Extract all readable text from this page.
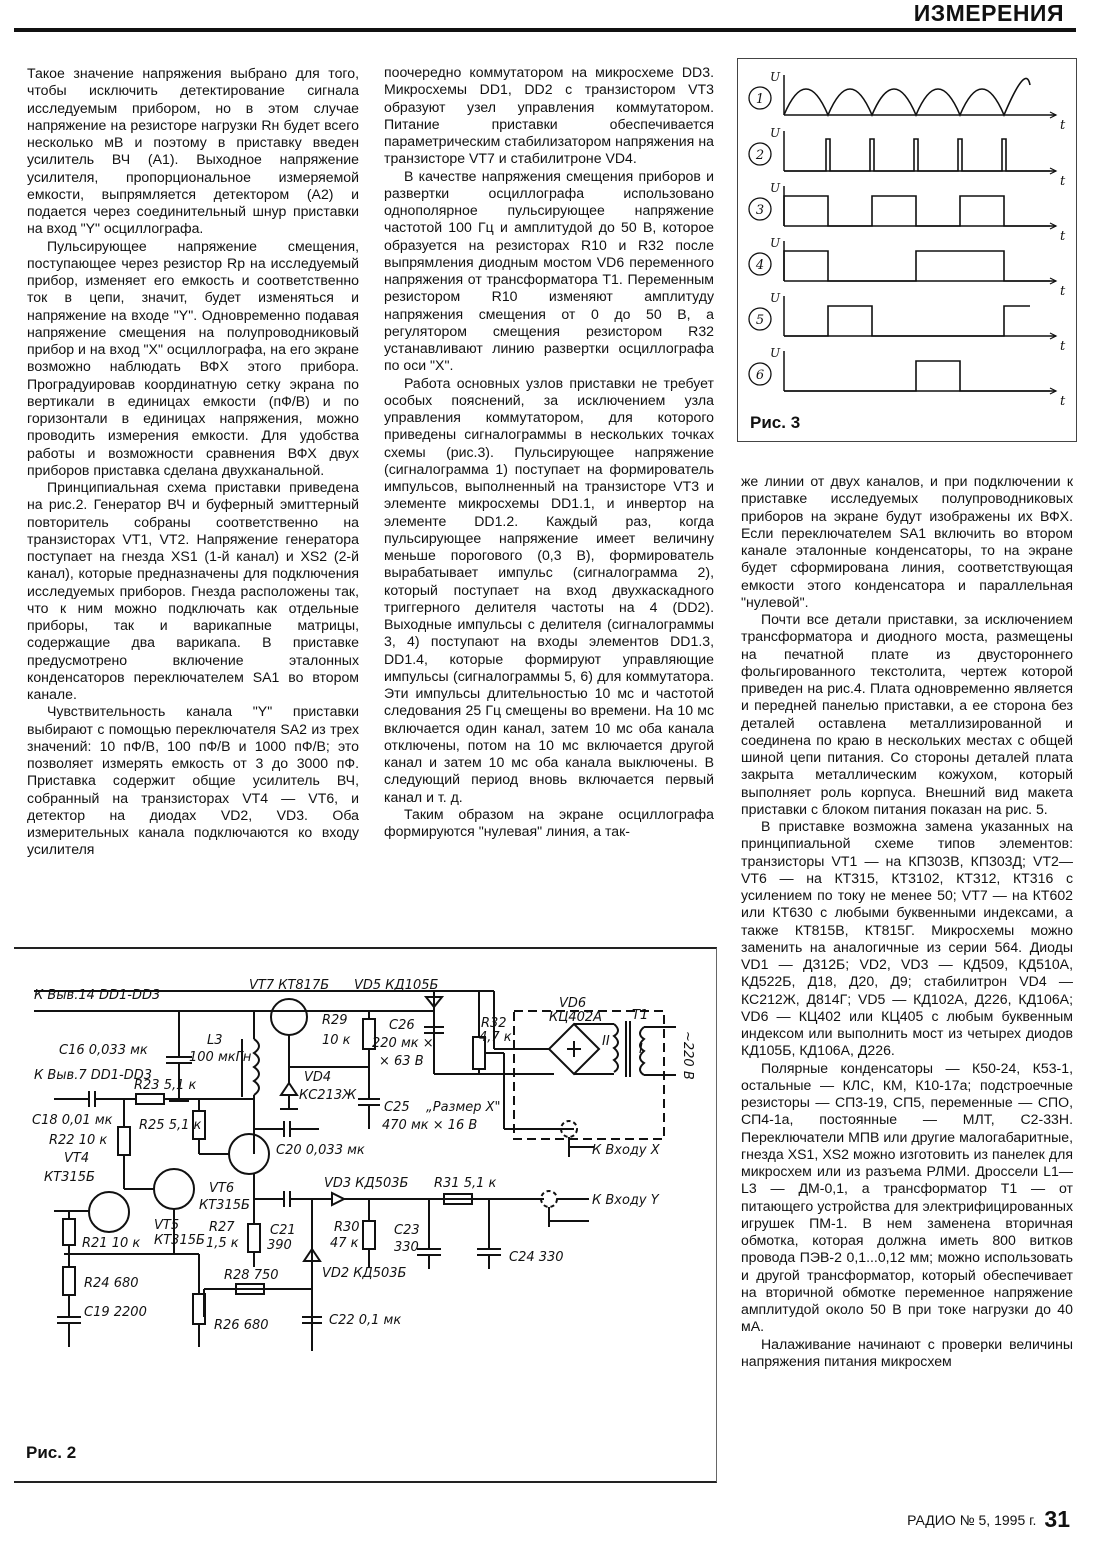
ИЗМЕРЕНИЯ

Такое значение напряжения выбрано для того, чтобы исключить детектирование сигнала исследуемым прибором, но в этом случае напряжение на резисторе нагрузки Rн будет всего несколько мВ и поэтому в приставку введен усилитель ВЧ (А1). Выходное напряжение усилителя, пропорциональное измеряемой емкости, выпрямляется детектором (А2) и подается через соединительный шнур приставки на вход "Y" осциллографа.

Пульсирующее напряжение смещения, поступающее через резистор Rр на исследуемый прибор, изменяет его емкость и соответственно ток в цепи, значит, будет изменяться и напряжение на входе "Y". Одновременно подавая напряжение смещения на полупроводниковый прибор и на вход "X" осциллографа, на его экране возможно наблюдать ВФХ этого прибора. Проградуировав координатную сетку экрана по вертикали в единицах емкости (пФ/В) и по горизонтали в единицах напряжения, можно проводить измерения емкости. Для удобства работы и возможности сравнения ВФХ двух приборов приставка сделана двухканальной.

Принципиальная схема приставки приведена на рис.2. Генератор ВЧ и буферный эмиттерный повторитель собраны соответственно на транзисторах VT1, VT2. Напряжение генератора поступает на гнезда XS1 (1-й канал) и XS2 (2-й канал), которые предназначены для подключения исследуемых приборов. Гнезда расположены так, что к ним можно подключать как отдельные приборы, так и варикапные матрицы, содержащие два варикапа. В приставке предусмотрено включение эталонных конденсаторов переключателем SA1 во втором канале.

Чувствительность канала "Y" приставки выбирают с помощью переключателя SA2 из трех значений: 10 пФ/В, 100 пФ/В и 1000 пФ/В; это позволяет измерять емкость от 3 до 3000 пФ. Приставка содержит общие усилитель ВЧ, собранный на транзисторах VT4 — VT6, и детектор на диодах VD2, VD3. Оба измерительных канала подключаются ко входу усилителя

поочередно коммутатором на микросхеме DD3. Микросхемы DD1, DD2 с транзистором VT3 образуют узел управления коммутатором. Питание приставки обеспечивается параметрическим стабилизатором напряжения на транзисторе VT7 и стабилитроне VD4.

В качестве напряжения смещения приборов и развертки осциллографа использовано однополярное пульсирующее напряжение частотой 100 Гц и амплитудой до 50 В, которое образуется на резисторах R10 и R32 после выпрямления диодным мостом VD6 переменного напряжения от трансформатора T1. Переменным резистором R10 изменяют амплитуду напряжения смещения от 0 до 50 В, а регулятором смещения резистором R32 устанавливают линию развертки осциллографа по оси "X".

Работа основных узлов приставки не требует особых пояснений, за исключением узла управления коммутатором, для которого приведены сигналограммы в нескольких точках схемы (рис.3). Пульсирующее напряжение (сигналограмма 1) поступает на формирователь импульсов, выполненный на транзисторе VT3 и элементе микросхемы DD1.1, и инвертор на элементе DD1.2. Каждый раз, когда пульсирующее напряжение имеет величину меньше порогового (0,3 В), формирователь вырабатывает импульс (сигналограмма 2), который поступает на вход двухкаскадного триггерного делителя частоты на 4 (DD2). Выходные импульсы с делителя (сигналограммы 3, 4) поступают на входы элементов DD1.3, DD1.4, которые формируют управляющие импульсы (сигналограммы 5, 6) для коммутатора. Эти импульсы длительностью 10 мс и частотой следования 25 Гц смещены во времени. На 10 мс включается один канал, затем 10 мс оба канала отключены, потом на 10 мс включается другой канал и затем 10 мс оба канала выключены. В следующий период вновь включается первый канал и т. д.

Таким образом на экране осциллографа формируются "нулевая" линия, а так-

же линии от двух каналов, и при подключении к приставке исследуемых полупроводниковых приборов на экране будут изображены их ВФХ. Если переключателем SA1 включить во втором канале эталонные конденсаторы, то на экране будет сформирована линия, соответствующая емкости этого конденсатора и параллельная "нулевой".

Почти все детали приставки, за исключением трансформатора и диодного моста, размещены на печатной плате из двустороннего фольгированного текстолита, чертеж которой приведен на рис.4. Плата одновременно является и передней панелью приставки, а ее сторона без деталей оставлена металлизированной и соединена по краю в нескольких местах с общей шиной цепи питания. Со стороны деталей плата закрыта металлическим кожухом, который выполняет роль корпуса. Внешний вид макета приставки с блоком питания показан на рис. 5.

В приставке возможна замена указанных на принципиальной схеме типов элементов: транзисторы VT1 — на КП303В, КП303Д; VT2—VT6 — на КТ315, КТ3102, КТ312, КТ316 с усилением по току не менее 50; VT7 — на КТ602 или КТ630 с любыми буквенными индексами, а также КТ815В, КТ815Г. Микросхемы можно заменить на аналогичные из серии 564. Диоды VD1 — Д312Б; VD2, VD3 — КД509, КД510А, КД522Б, Д18, Д20, Д9; стабилитрон VD4 — КС212Ж, Д814Г; VD5 — КД102А, Д226, КД106А; VD6 — КЦ402 или КЦ405 с любым буквенным индексом или выполнить мост из четырех диодов КД105Б, КД106А, Д226.

Полярные конденсаторы — К50-24, К53-1, остальные — КЛС, КМ, К10-17а; подстроечные резисторы — СП3-19, СП5, переменные — СПО, СП4-1а, постоянные — МЛТ, С2-33Н. Переключатели МПВ или другие малогабаритные, гнезда XS1, XS2 можно изготовить из панелек для микросхем или из разъема РЛМИ. Дроссели L1—L3 — ДМ-0,1, а трансформатор T1 — от питающего устройства для электрифицированных игрушек ПМ-1. В нем заменена вторичная обмотка, которая должна иметь 800 витков провода ПЭВ-2 0,1...0,12 мм; можно использовать и другой трансформатор, который обеспечивает на вторичной обмотке переменное напряжение амплитудой около 50 В при токе нагрузки до 40 мА.

Налаживание начинают с проверки величины напряжения питания микросхем

U
t
1
U
t
2
U
t
3
U
t
4
U
t
5
U
t
6
Рис. 3
К Выв.14 DD1-DD3
К Выв.7 DD1-DD3
C16 0,033 мк
L3
100 мкГн
VT7 КТ817Б VD5 КД105Б
R29
10 к
VD4
КС213Ж
C26
220 мк ×
× 63 В
R32
4,7 к
VD6
КЦ402А T1
II
I	~220 В
R23 5,1 к
C18 0,01 мк R25 5,1 к
C25 „Размер X"
470 мк × 16 В
К Входу X
C20 0,033 мк
R22 10 к
VT4
КТ315Б
VT5
КТ315Б
VT6
КТ315Б
VD3 КД503Б R31 5,1 к
К Входу Y
C21
390
R30
47 к
C23
330
C24 330
R27
1,5 к
R21 10 к
VD2 КД503Б
R28 750
R24 680
C19 2200
C22 0,1 мк
R26 680
Рис. 2
РАДИО № 5, 1995 г. 31
